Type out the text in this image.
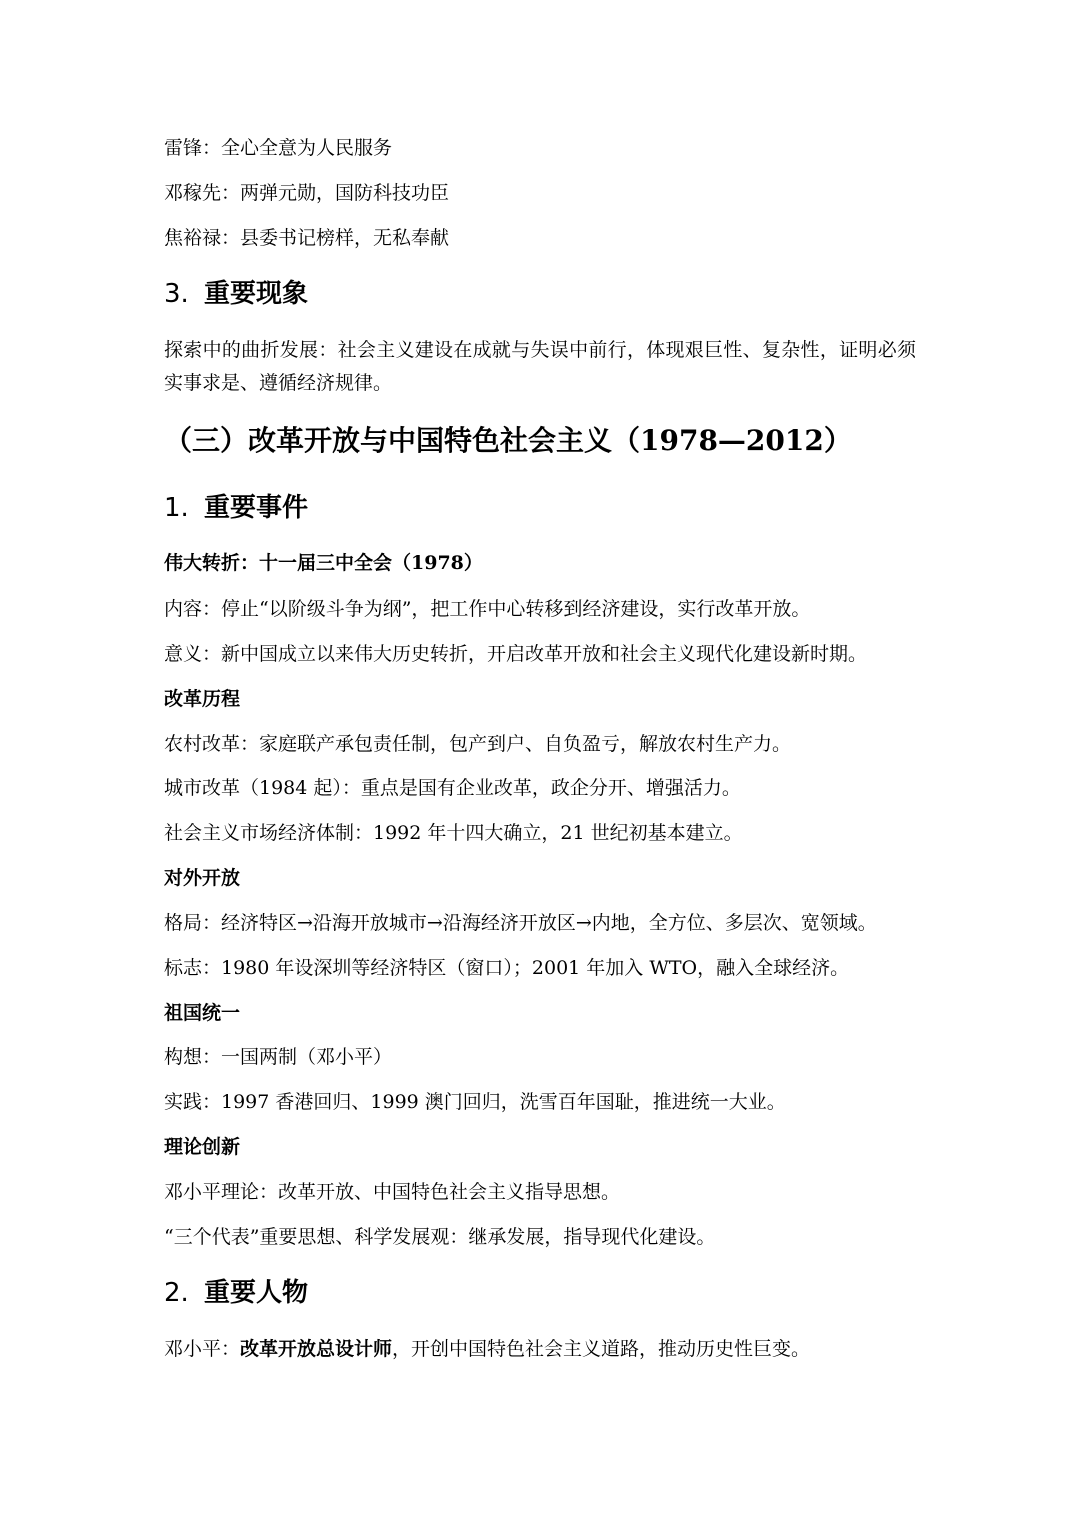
雷锋：全心全意为人民服务
邓稼先：两弹元勋，国防科技功臣
焦裕禄：县委书记榜样，无私奉献
3. 重要现象
探索中的曲折发展：社会主义建设在成就与失误中前行，体现艰巨性、复杂性，证明必须实事求是、遵循经济规律。
（三）改革开放与中国特色社会主义（1978—2012）
1. 重要事件
伟大转折：十一届三中全会（1978）
内容：停止“以阶级斗争为纲”，把工作中心转移到经济建设，实行改革开放。
意义：新中国成立以来伟大历史转折，开启改革开放和社会主义现代化建设新时期。
改革历程
农村改革：家庭联产承包责任制，包产到户、自负盈亏，解放农村生产力。
城市改革（1984 起）：重点是国有企业改革，政企分开、增强活力。
社会主义市场经济体制：1992 年十四大确立，21 世纪初基本建立。
对外开放
格局：经济特区→沿海开放城市→沿海经济开放区→内地，全方位、多层次、宽领域。
标志：1980 年设深圳等经济特区（窗口）；2001 年加入 WTO，融入全球经济。
祖国统一
构想：一国两制（邓小平）
实践：1997 香港回归、1999 澳门回归，洗雪百年国耻，推进统一大业。
理论创新
邓小平理论：改革开放、中国特色社会主义指导思想。
“三个代表”重要思想、科学发展观：继承发展，指导现代化建设。
2. 重要人物
邓小平：改革开放总设计师，开创中国特色社会主义道路，推动历史性巨变。
